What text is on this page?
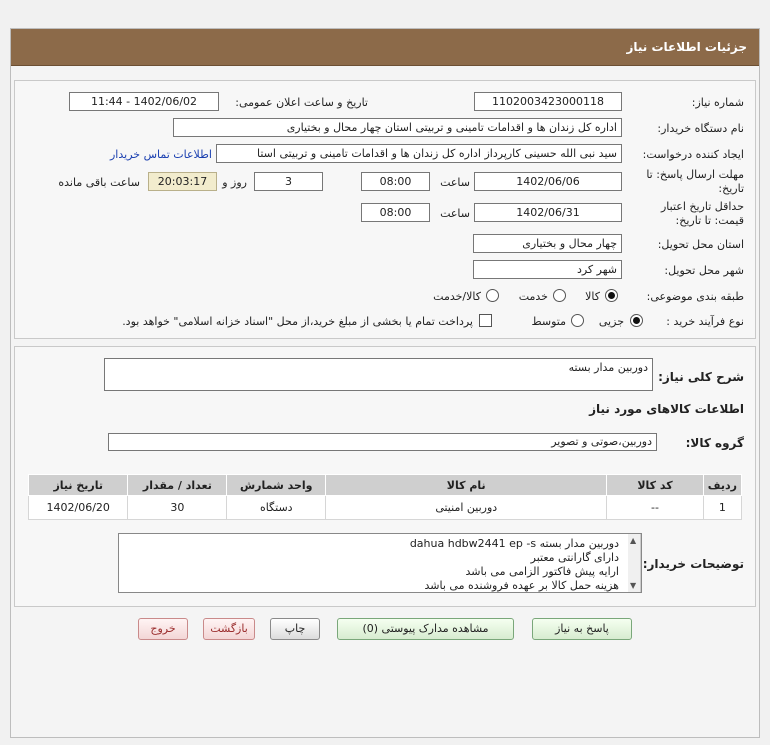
جزئیات اطلاعات نیاز
شماره نیاز:
1102003423000118
تاریخ و ساعت اعلان عمومی:
1402/06/02 - 11:44
نام دستگاه خریدار:
اداره کل زندان ها و اقدامات تامینی و تربیتی استان چهار محال و بختیاری
ایجاد کننده درخواست:
سید نبی الله حسینی کارپرداز اداره کل زندان ها و اقدامات تامینی و تربیتی استا
اطلاعات تماس خریدار
مهلت ارسال پاسخ: تا
تاریخ:
1402/06/06
ساعت
08:00
3
روز و
20:03:17
ساعت باقی مانده
حداقل تاریخ اعتبار
قیمت: تا تاریخ:
1402/06/31
ساعت
08:00
استان محل تحویل:
چهار محال و بختیاری
شهر محل تحویل:
شهر کرد
طبقه بندی موضوعی:
کالا
خدمت
کالا/خدمت
نوع فرآیند خرید :
جزیی
متوسط
پرداخت تمام یا بخشی از مبلغ خرید،از محل "اسناد خزانه اسلامی" خواهد بود.
شرح کلی نیاز:
دوربین مدار بسته
اطلاعات کالاهای مورد نیاز
گروه کالا:
دوربین،صوتی و تصویر
ردیف	کد کالا	نام کالا	واحد شمارش	تعداد / مقدار	تاریخ نیاز
1	--	دوربین امنیتی	دستگاه	30	1402/06/20
توضیحات خریدار:
دوربین مدار بسته dahua hdbw2441 ep -s
دارای گارانتی معتبر
ارایه پیش فاکتور الزامی می باشد
هزینه حمل کالا بر عهده فروشنده می باشد
▲
▼
پاسخ به نیاز
مشاهده مدارک پیوستی (0)
چاپ
بازگشت
خروج
